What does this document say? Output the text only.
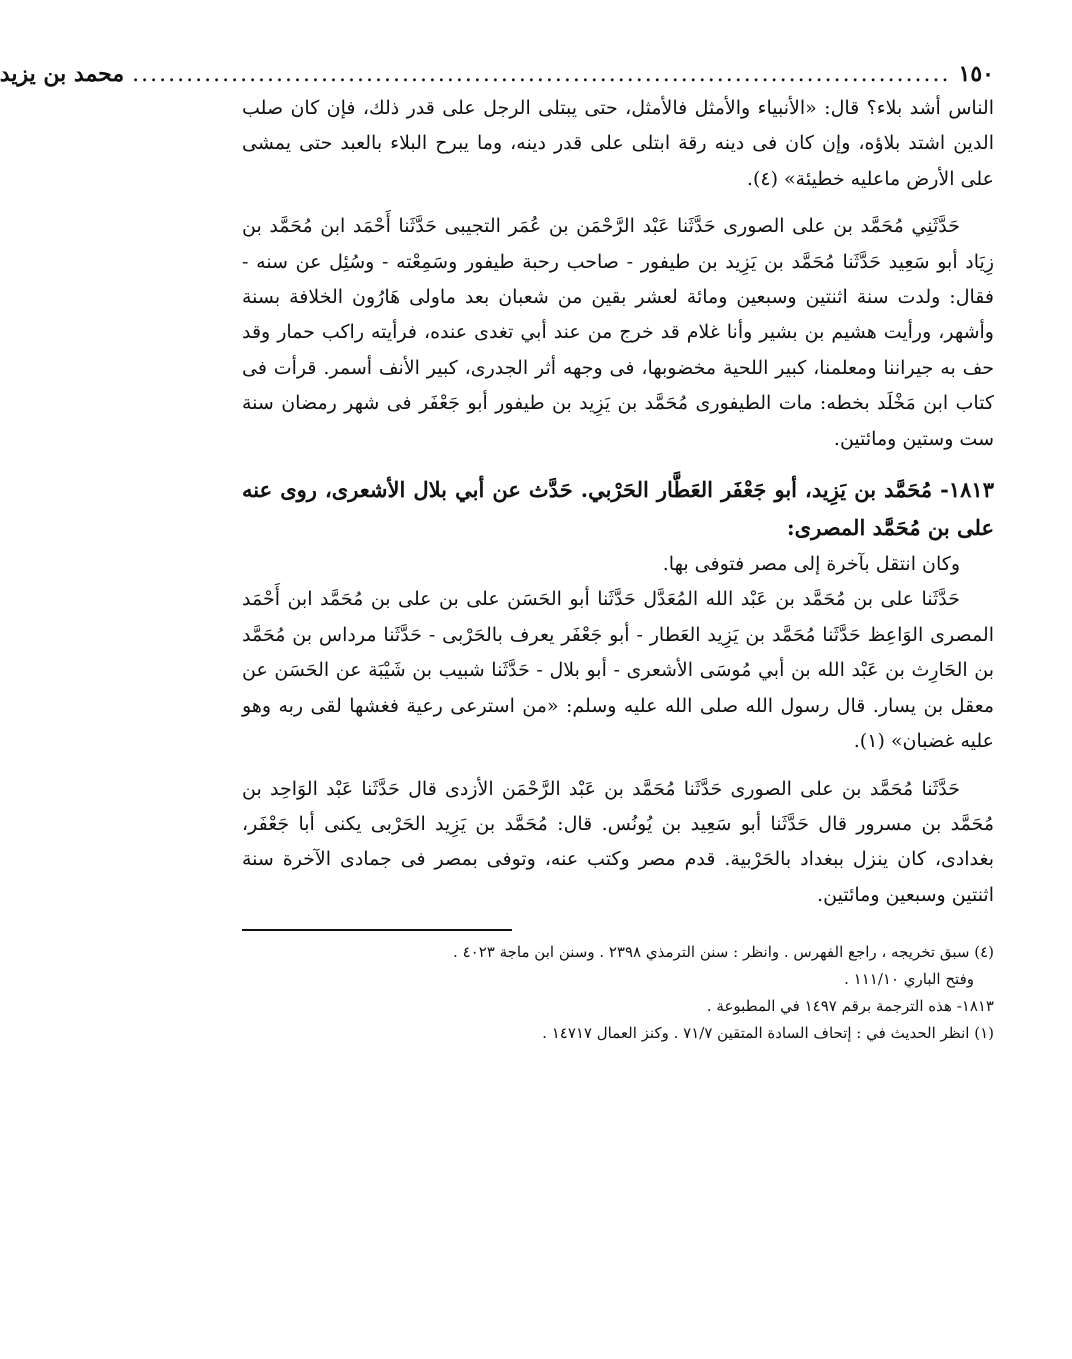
١٥٠
...........................................................................................
محمد بن يزيد

الناس أشد بلاء؟ قال: «الأنبياء والأمثل فالأمثل، حتى يبتلى الرجل على قدر ذلك، فإن كان صلب الدين اشتد بلاؤه، وإن كان فى دينه رقة ابتلى على قدر دينه، وما يبرح البلاء بالعبد حتى يمشى على الأرض ماعليه خطيئة» (٤).

حَدَّثَنِي مُحَمَّد بن على الصورى حَدَّثَنا عَبْد الرَّحْمَن بن عُمَر التجيبى حَدَّثَنا أَحْمَد ابن مُحَمَّد بن زِيَاد أبو سَعِيد حَدَّثَنا مُحَمَّد بن يَزِيد بن طيفور - صاحب رحبة طيفور وسَمِعْته - وسُئِل عن سنه - فقال: ولدت سنة اثنتين وسبعين ومائة لعشر بقين من شعبان بعد ماولى هَارُون الخلافة بسنة وأشهر، ورأيت هشيم بن بشير وأنا غلام قد خرج من عند أبي تغدى عنده، فرأيته راكب حمار وقد حف به جيراننا ومعلمنا، كبير اللحية مخضوبها، فى وجهه أثر الجدرى، كبير الأنف أسمر. قرأت فى كتاب ابن مَخْلَد بخطه: مات الطيفورى مُحَمَّد بن يَزِيد بن طيفور أبو جَعْفَر فى شهر رمضان سنة ست وستين ومائتين.

١٨١٣- مُحَمَّد بن يَزِيد، أبو جَعْفَر العَطَّار الحَرْبي. حَدَّث عن أبي بلال الأشعرى، روى عنه على بن مُحَمَّد المصرى:

وكان انتقل بآخرة إلى مصر فتوفى بها.

حَدَّثَنا على بن مُحَمَّد بن عَبْد الله المُعَدَّل حَدَّثَنا أبو الحَسَن على بن على بن مُحَمَّد ابن أَحْمَد المصرى الوَاعِظ حَدَّثَنا مُحَمَّد بن يَزِيد العَطار - أبو جَعْفَر يعرف بالحَرْبى - حَدَّثَنا مرداس بن مُحَمَّد بن الحَارِث بن عَبْد الله بن أبي مُوسَى الأشعرى - أبو بلال - حَدَّثَنا شبيب بن شَيْبَة عن الحَسَن عن معقل بن يسار. قال رسول الله صلى الله عليه وسلم: «من استرعى رعية فغشها لقى ربه وهو عليه غضبان» (١).

حَدَّثَنا مُحَمَّد بن على الصورى حَدَّثَنا مُحَمَّد بن عَبْد الرَّحْمَن الأزدى قال حَدَّثَنا عَبْد الوَاحِد بن مُحَمَّد بن مسرور قال حَدَّثَنا أبو سَعِيد بن يُونُس. قال: مُحَمَّد بن يَزِيد الحَرْبى يكنى أبا جَعْفَر، بغدادى، كان ينزل ببغداد بالحَرْبية. قدم مصر وكتب عنه، وتوفى بمصر فى جمادى الآخرة سنة اثنتين وسبعين ومائتين.

(٤) سبق تخريجه ، راجع الفهرس . وانظر : سنن الترمذي ٢٣٩٨ . وسنن ابن ماجة ٤٠٢٣ .

وفتح الباري ١١١/١٠ .

١٨١٣- هذه الترجمة برقم ١٤٩٧ في المطبوعة .

(١) انظر الحديث في : إتحاف السادة المتقين ٧١/٧ . وكنز العمال ١٤٧١٧ .
